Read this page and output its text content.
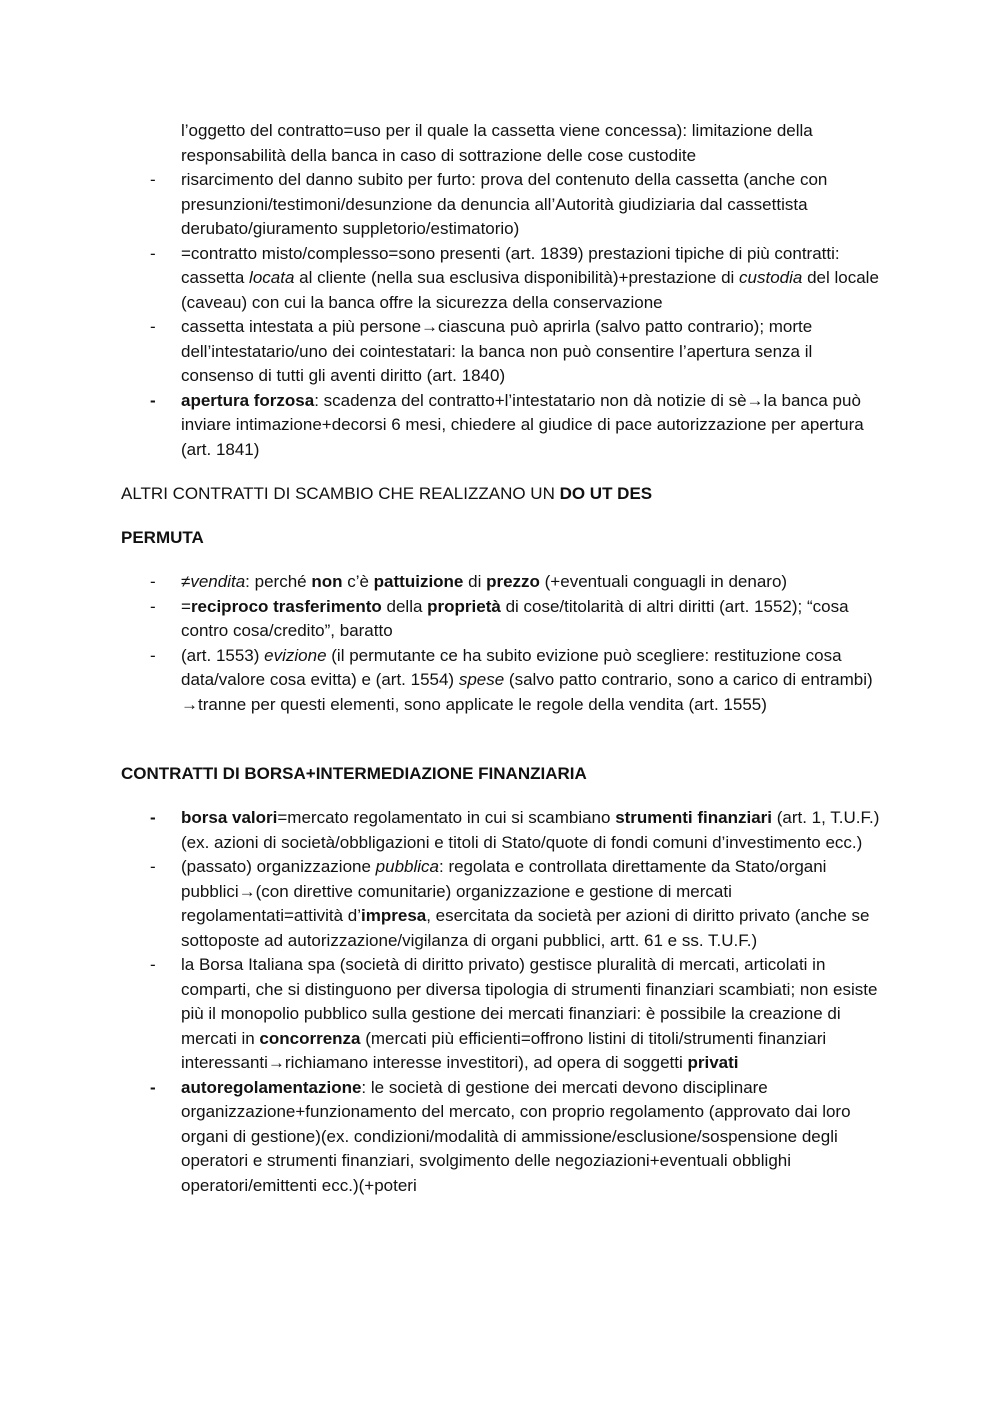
l’oggetto del contratto=uso per il quale la cassetta viene concessa): limitazione della responsabilità della banca in caso di sottrazione delle cose custodite

- risarcimento del danno subito per furto: prova del contenuto della cassetta (anche con presunzioni/testimoni/desunzione da denuncia all’Autorità giudiziaria dal cassettista derubato/giuramento suppletorio/estimatorio)
- =contratto misto/complesso=sono presenti (art. 1839) prestazioni tipiche di più contratti: cassetta locata al cliente (nella sua esclusiva disponibilità)+prestazione di custodia del locale (caveau) con cui la banca offre la sicurezza della conservazione
- cassetta intestata a più persone→ciascuna può aprirla (salvo patto contrario); morte dell’intestatario/uno dei cointestatari: la banca non può consentire l’apertura senza il consenso di tutti gli aventi diritto (art. 1840)
- apertura forzosa: scadenza del contratto+l’intestatario non dà notizie di sè→la banca può inviare intimazione+decorsi 6 mesi, chiedere al giudice di pace autorizzazione per apertura (art. 1841)
ALTRI CONTRATTI DI SCAMBIO CHE REALIZZANO UN DO UT DES
PERMUTA
- ≠vendita: perché non c’è pattuizione di prezzo (+eventuali conguagli in denaro)
- =reciproco trasferimento della proprietà di cose/titolarità di altri diritti (art. 1552); “cosa contro cosa/credito”, baratto
- (art. 1553) evizione (il permutante ce ha subito evizione può scegliere: restituzione cosa data/valore cosa evitta) e (art. 1554) spese (salvo patto contrario, sono a carico di entrambi) →tranne per questi elementi, sono applicate le regole della vendita (art. 1555)
CONTRATTI DI BORSA+INTERMEDIAZIONE FINANZIARIA
- borsa valori=mercato regolamentato in cui si scambiano strumenti finanziari (art. 1, T.U.F.)(ex. azioni di società/obbligazioni e titoli di Stato/quote di fondi comuni d’investimento ecc.)
- (passato) organizzazione pubblica: regolata e controllata direttamente da Stato/organi pubblici→(con direttive comunitarie) organizzazione e gestione di mercati regolamentati=attività d’impresa, esercitata da società per azioni di diritto privato (anche se sottoposte ad autorizzazione/vigilanza di organi pubblici, artt. 61 e ss. T.U.F.)
- la Borsa Italiana spa (società di diritto privato) gestisce pluralità di mercati, articolati in comparti, che si distinguono per diversa tipologia di strumenti finanziari scambiati; non esiste più il monopolio pubblico sulla gestione dei mercati finanziari: è possibile la creazione di mercati in concorrenza (mercati più efficienti=offrono listini di titoli/strumenti finanziari interessanti→richiamano interesse investitori), ad opera di soggetti privati
- autoregolamentazione: le società di gestione dei mercati devono disciplinare organizzazione+funzionamento del mercato, con proprio regolamento (approvato dai loro organi di gestione)(ex. condizioni/modalità di ammissione/esclusione/sospensione degli operatori e strumenti finanziari, svolgimento delle negoziazioni+eventuali obblighi operatori/emittenti ecc.)(+poteri
